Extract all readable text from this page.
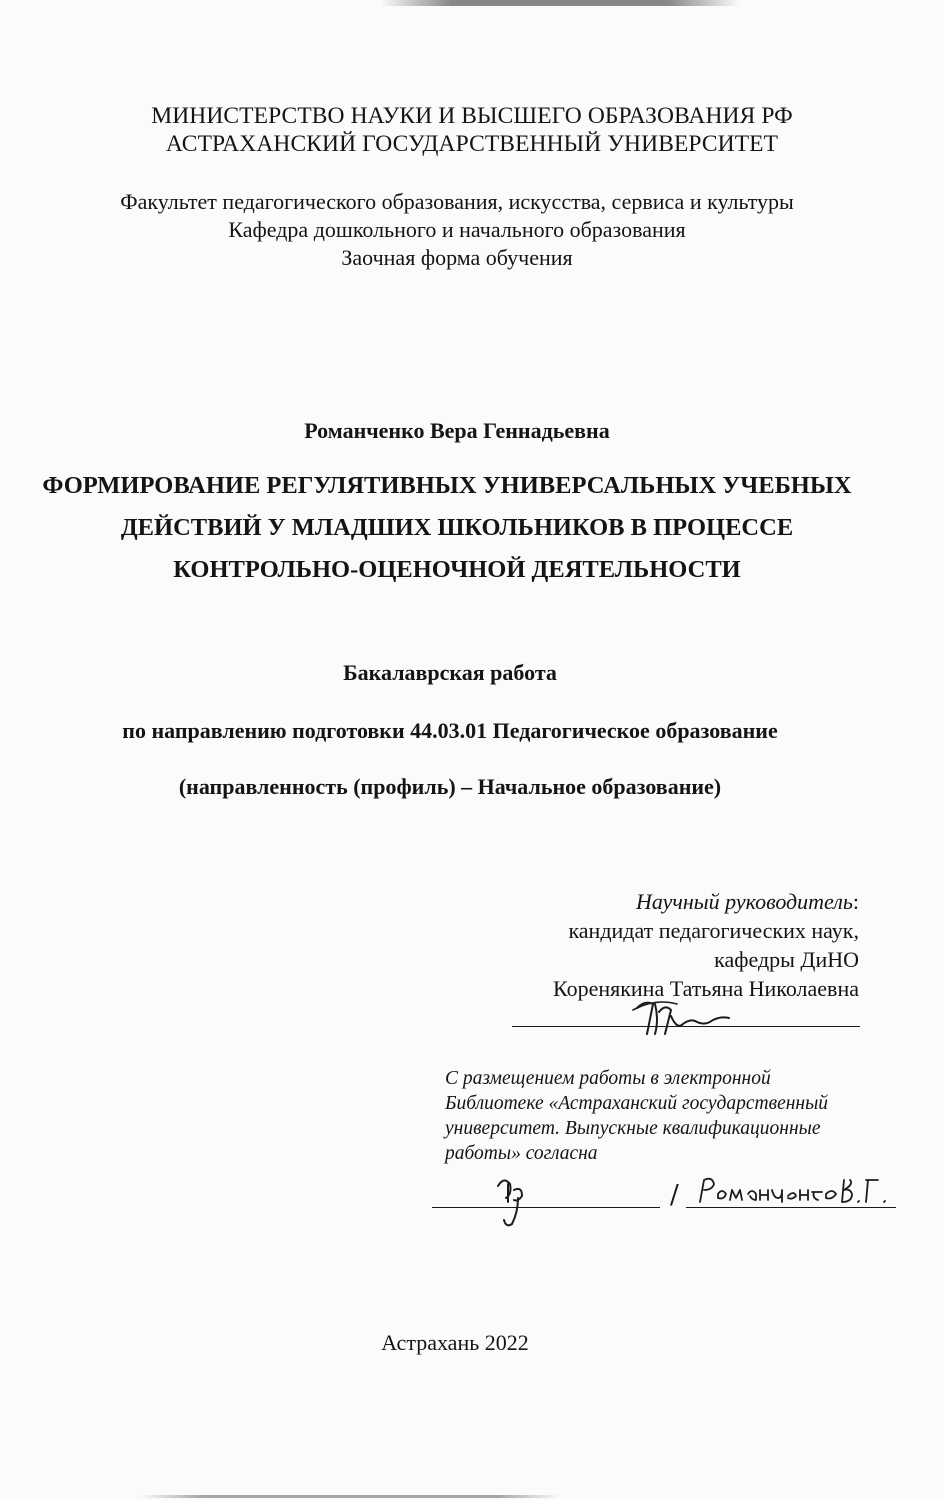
МИНИСТЕРСТВО НАУКИ И ВЫСШЕГО ОБРАЗОВАНИЯ РФ
АСТРАХАНСКИЙ ГОСУДАРСТВЕННЫЙ УНИВЕРСИТЕТ
Факультет педагогического образования, искусства, сервиса и культуры
Кафедра дошкольного и начального образования
Заочная форма обучения
Романченко Вера Геннадьевна
ФОРМИРОВАНИЕ РЕГУЛЯТИВНЫХ УНИВЕРСАЛЬНЫХ УЧЕБНЫХ
ДЕЙСТВИЙ У МЛАДШИХ ШКОЛЬНИКОВ В ПРОЦЕССЕ
КОНТРОЛЬНО-ОЦЕНОЧНОЙ ДЕЯТЕЛЬНОСТИ
Бакалаврская работа
по направлению подготовки 44.03.01 Педагогическое образование
(направленность (профиль) – Начальное образование)
Научный руководитель:
кандидат педагогических наук,
кафедры ДиНО
Коренякина Татьяна Николаевна
С размещением работы в электронной
Библиотеке «Астраханский государственный
университет. Выпускные квалификационные
работы» согласна
/
Астрахань 2022
